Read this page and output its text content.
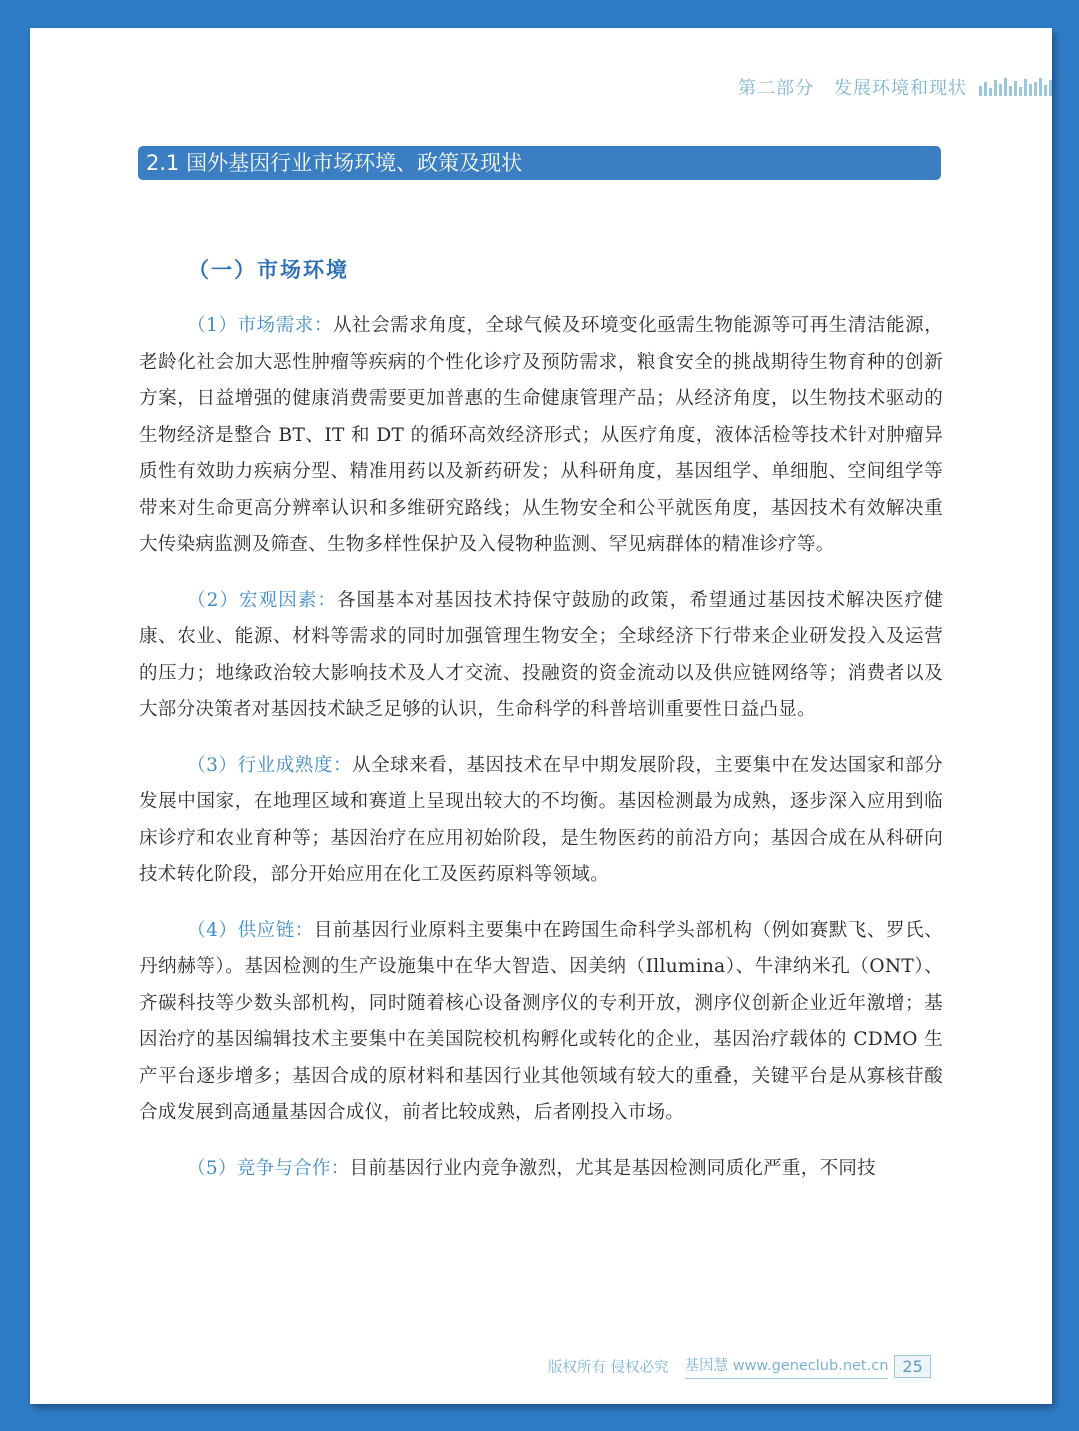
第二部分 发展环境和现状
2.1 国外基因行业市场环境、政策及现状
（一）市场环境

（1）市场需求：从社会需求角度，全球气候及环境变化亟需生物能源等可再生清洁能源，老龄化社会加大恶性肿瘤等疾病的个性化诊疗及预防需求，粮食安全的挑战期待生物育种的创新方案，日益增强的健康消费需要更加普惠的生命健康管理产品；从经济角度，以生物技术驱动的生物经济是整合 BT、IT 和 DT 的循环高效经济形式；从医疗角度，液体活检等技术针对肿瘤异质性有效助力疾病分型、精准用药以及新药研发；从科研角度，基因组学、单细胞、空间组学等带来对生命更高分辨率认识和多维研究路线；从生物安全和公平就医角度，基因技术有效解决重大传染病监测及筛查、生物多样性保护及入侵物种监测、罕见病群体的精准诊疗等。

（2）宏观因素：各国基本对基因技术持保守鼓励的政策，希望通过基因技术解决医疗健康、农业、能源、材料等需求的同时加强管理生物安全；全球经济下行带来企业研发投入及运营的压力；地缘政治较大影响技术及人才交流、投融资的资金流动以及供应链网络等；消费者以及大部分决策者对基因技术缺乏足够的认识，生命科学的科普培训重要性日益凸显。

（3）行业成熟度：从全球来看，基因技术在早中期发展阶段，主要集中在发达国家和部分发展中国家，在地理区域和赛道上呈现出较大的不均衡。基因检测最为成熟，逐步深入应用到临床诊疗和农业育种等；基因治疗在应用初始阶段，是生物医药的前沿方向；基因合成在从科研向技术转化阶段，部分开始应用在化工及医药原料等领域。

（4）供应链：目前基因行业原料主要集中在跨国生命科学头部机构（例如赛默飞、罗氏、丹纳赫等）。基因检测的生产设施集中在华大智造、因美纳（Illumina）、牛津纳米孔（ONT）、齐碳科技等少数头部机构，同时随着核心设备测序仪的专利开放，测序仪创新企业近年激增；基因治疗的基因编辑技术主要集中在美国院校机构孵化或转化的企业，基因治疗载体的 CDMO 生产平台逐步增多；基因合成的原材料和基因行业其他领域有较大的重叠，关键平台是从寡核苷酸合成发展到高通量基因合成仪，前者比较成熟，后者刚投入市场。

（5）竞争与合作：目前基因行业内竞争激烈，尤其是基因检测同质化严重，不同技

版权所有 侵权必究 基因慧 www.geneclub.net.cn 25
